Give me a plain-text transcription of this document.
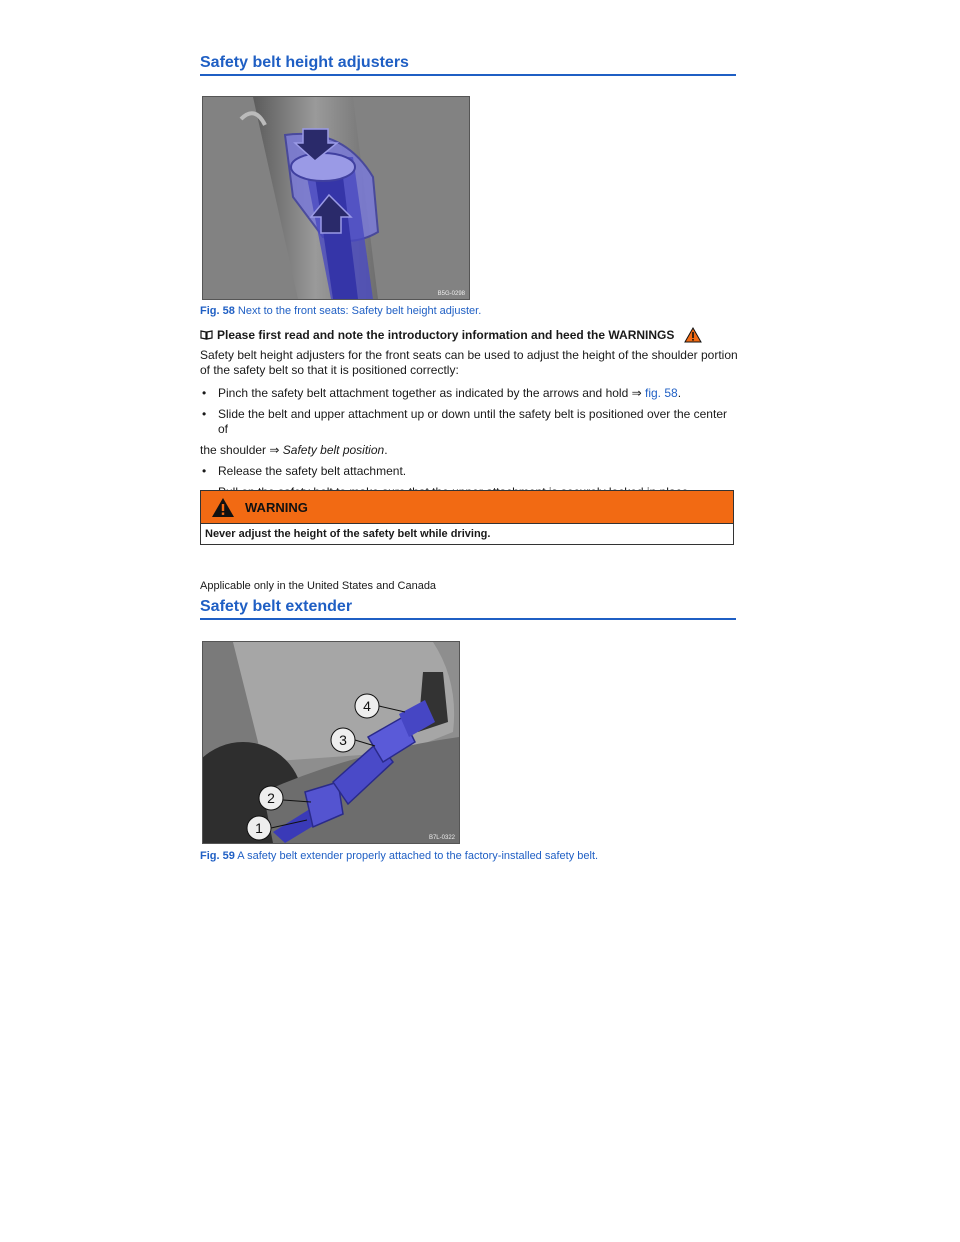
Safety belt height adjusters
B5G-0298
Fig. 58 Next to the front seats: Safety belt height adjuster.
Please first read and note the introductory information and heed the WARNINGS
Safety belt height adjusters for the front seats can be used to adjust the height of the shoulder portion of the safety belt so that it is positioned correctly:
• Pinch the safety belt attachment together as indicated by the arrows and hold ⇒ fig. 58.
• Slide the belt and upper attachment up or down until the safety belt is positioned over the center of
the shoulder ⇒ Safety belt position.
• Release the safety belt attachment.
•
WARNING
Never adjust the height of the safety belt while driving.
Applicable only in the United States and Canada
Safety belt extender
1
2
3
4
B7L-0322
Fig. 59 A safety belt extender properly attached to the factory-installed safety belt.
